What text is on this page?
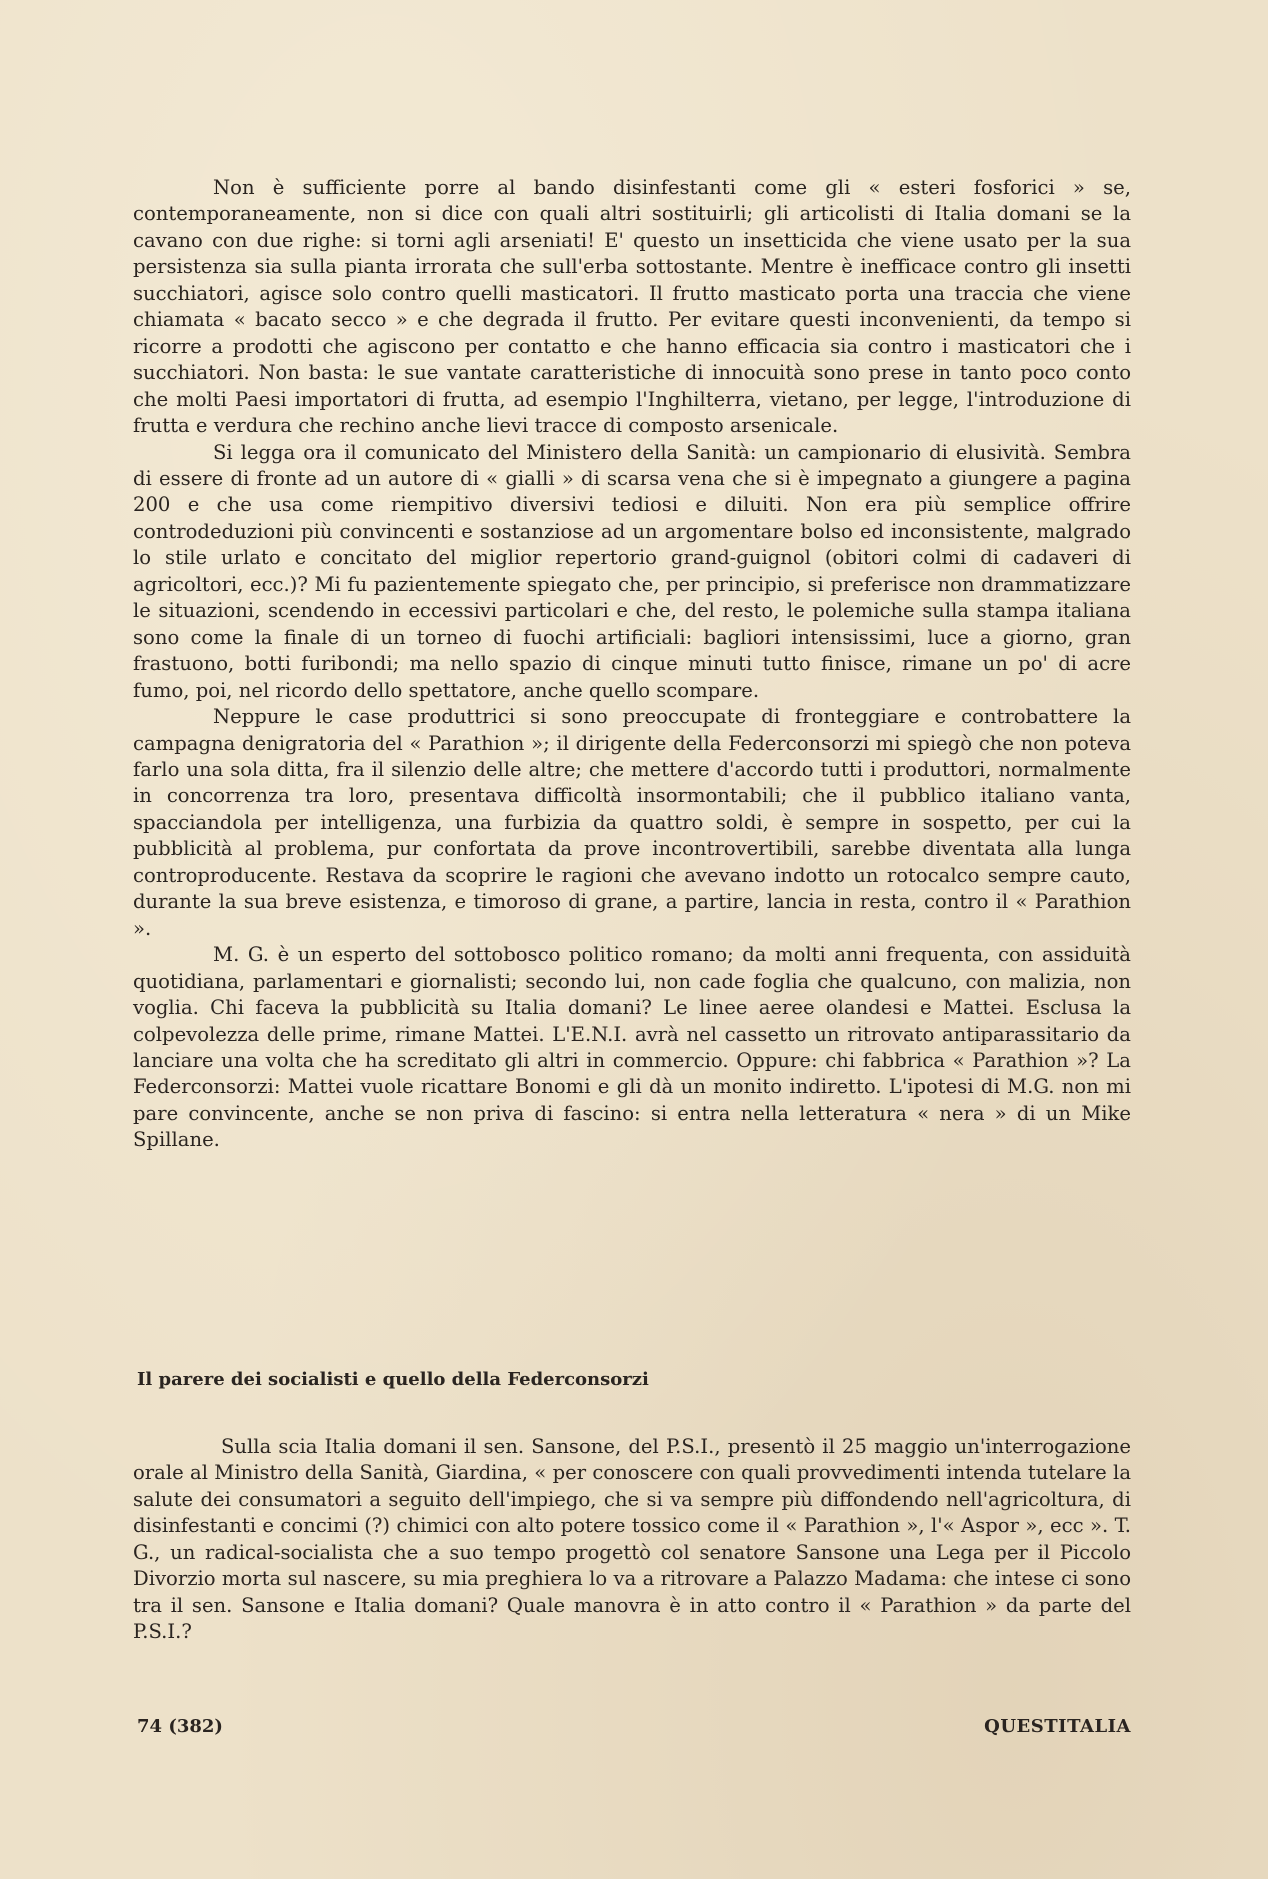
Non è sufficiente porre al bando disinfestanti come gli « esteri fosforici » se, contemporaneamente, non si dice con quali altri sostituirli; gli articolisti di Italia domani se la cavano con due righe: si torni agli arseniati! E' questo un insetticida che viene usato per la sua persistenza sia sulla pianta irrorata che sull'erba sottostante. Mentre è inefficace contro gli insetti succhiatori, agisce solo contro quelli masticatori. Il frutto masticato porta una traccia che viene chiamata « bacato secco » e che degrada il frutto. Per evitare questi inconvenienti, da tempo si ricorre a prodotti che agiscono per contatto e che hanno efficacia sia contro i masticatori che i succhiatori. Non basta: le sue vantate caratteristiche di innocuità sono prese in tanto poco conto che molti Paesi importatori di frutta, ad esempio l'Inghilterra, vietano, per legge, l'introduzione di frutta e verdura che rechino anche lievi tracce di composto arsenicale.

Si legga ora il comunicato del Ministero della Sanità: un campionario di elusività. Sembra di essere di fronte ad un autore di « gialli » di scarsa vena che si è impegnato a giungere a pagina 200 e che usa come riempitivo diversivi tediosi e diluiti. Non era più semplice offrire controdeduzioni più convincenti e sostanziose ad un argomentare bolso ed inconsistente, malgrado lo stile urlato e concitato del miglior repertorio grand-guignol (obitori colmi di cadaveri di agricoltori, ecc.)? Mi fu pazientemente spiegato che, per principio, si preferisce non drammatizzare le situazioni, scendendo in eccessivi particolari e che, del resto, le polemiche sulla stampa italiana sono come la finale di un torneo di fuochi artificiali: bagliori intensissimi, luce a giorno, gran frastuono, botti furibondi; ma nello spazio di cinque minuti tutto finisce, rimane un po' di acre fumo, poi, nel ricordo dello spettatore, anche quello scompare.

Neppure le case produttrici si sono preoccupate di fronteggiare e controbattere la campagna denigratoria del « Parathion »; il dirigente della Federconsorzi mi spiegò che non poteva farlo una sola ditta, fra il silenzio delle altre; che mettere d'accordo tutti i produttori, normalmente in concorrenza tra loro, presentava difficoltà insormontabili; che il pubblico italiano vanta, spacciandola per intelligenza, una furbizia da quattro soldi, è sempre in sospetto, per cui la pubblicità al problema, pur confortata da prove incontrovertibili, sarebbe diventata alla lunga controproducente. Restava da scoprire le ragioni che avevano indotto un rotocalco sempre cauto, durante la sua breve esistenza, e timoroso di grane, a partire, lancia in resta, contro il « Parathion ».

M. G. è un esperto del sottobosco politico romano; da molti anni frequenta, con assiduità quotidiana, parlamentari e giornalisti; secondo lui, non cade foglia che qualcuno, con malizia, non voglia. Chi faceva la pubblicità su Italia domani? Le linee aeree olandesi e Mattei. Esclusa la colpevolezza delle prime, rimane Mattei. L'E.N.I. avrà nel cassetto un ritrovato antiparassitario da lanciare una volta che ha screditato gli altri in commercio. Oppure: chi fabbrica « Parathion »? La Federconsorzi: Mattei vuole ricattare Bonomi e gli dà un monito indiretto. L'ipotesi di M.G. non mi pare convincente, anche se non priva di fascino: si entra nella letteratura « nera » di un Mike Spillane.

Il parere dei socialisti e quello della Federconsorzi

Sulla scia Italia domani il sen. Sansone, del P.S.I., presentò il 25 maggio un'interrogazione orale al Ministro della Sanità, Giardina, « per conoscere con quali provvedimenti intenda tutelare la salute dei consumatori a seguito dell'impiego, che si va sempre più diffondendo nell'agricoltura, di disinfestanti e concimi (?) chimici con alto potere tossico come il « Parathion », l'« Aspor », ecc ». T. G., un radical-socialista che a suo tempo progettò col senatore Sansone una Lega per il Piccolo Divorzio morta sul nascere, su mia preghiera lo va a ritrovare a Palazzo Madama: che intese ci sono tra il sen. Sansone e Italia domani? Quale manovra è in atto contro il « Parathion » da parte del P.S.I.?

74 (382)	QUESTITALIA
